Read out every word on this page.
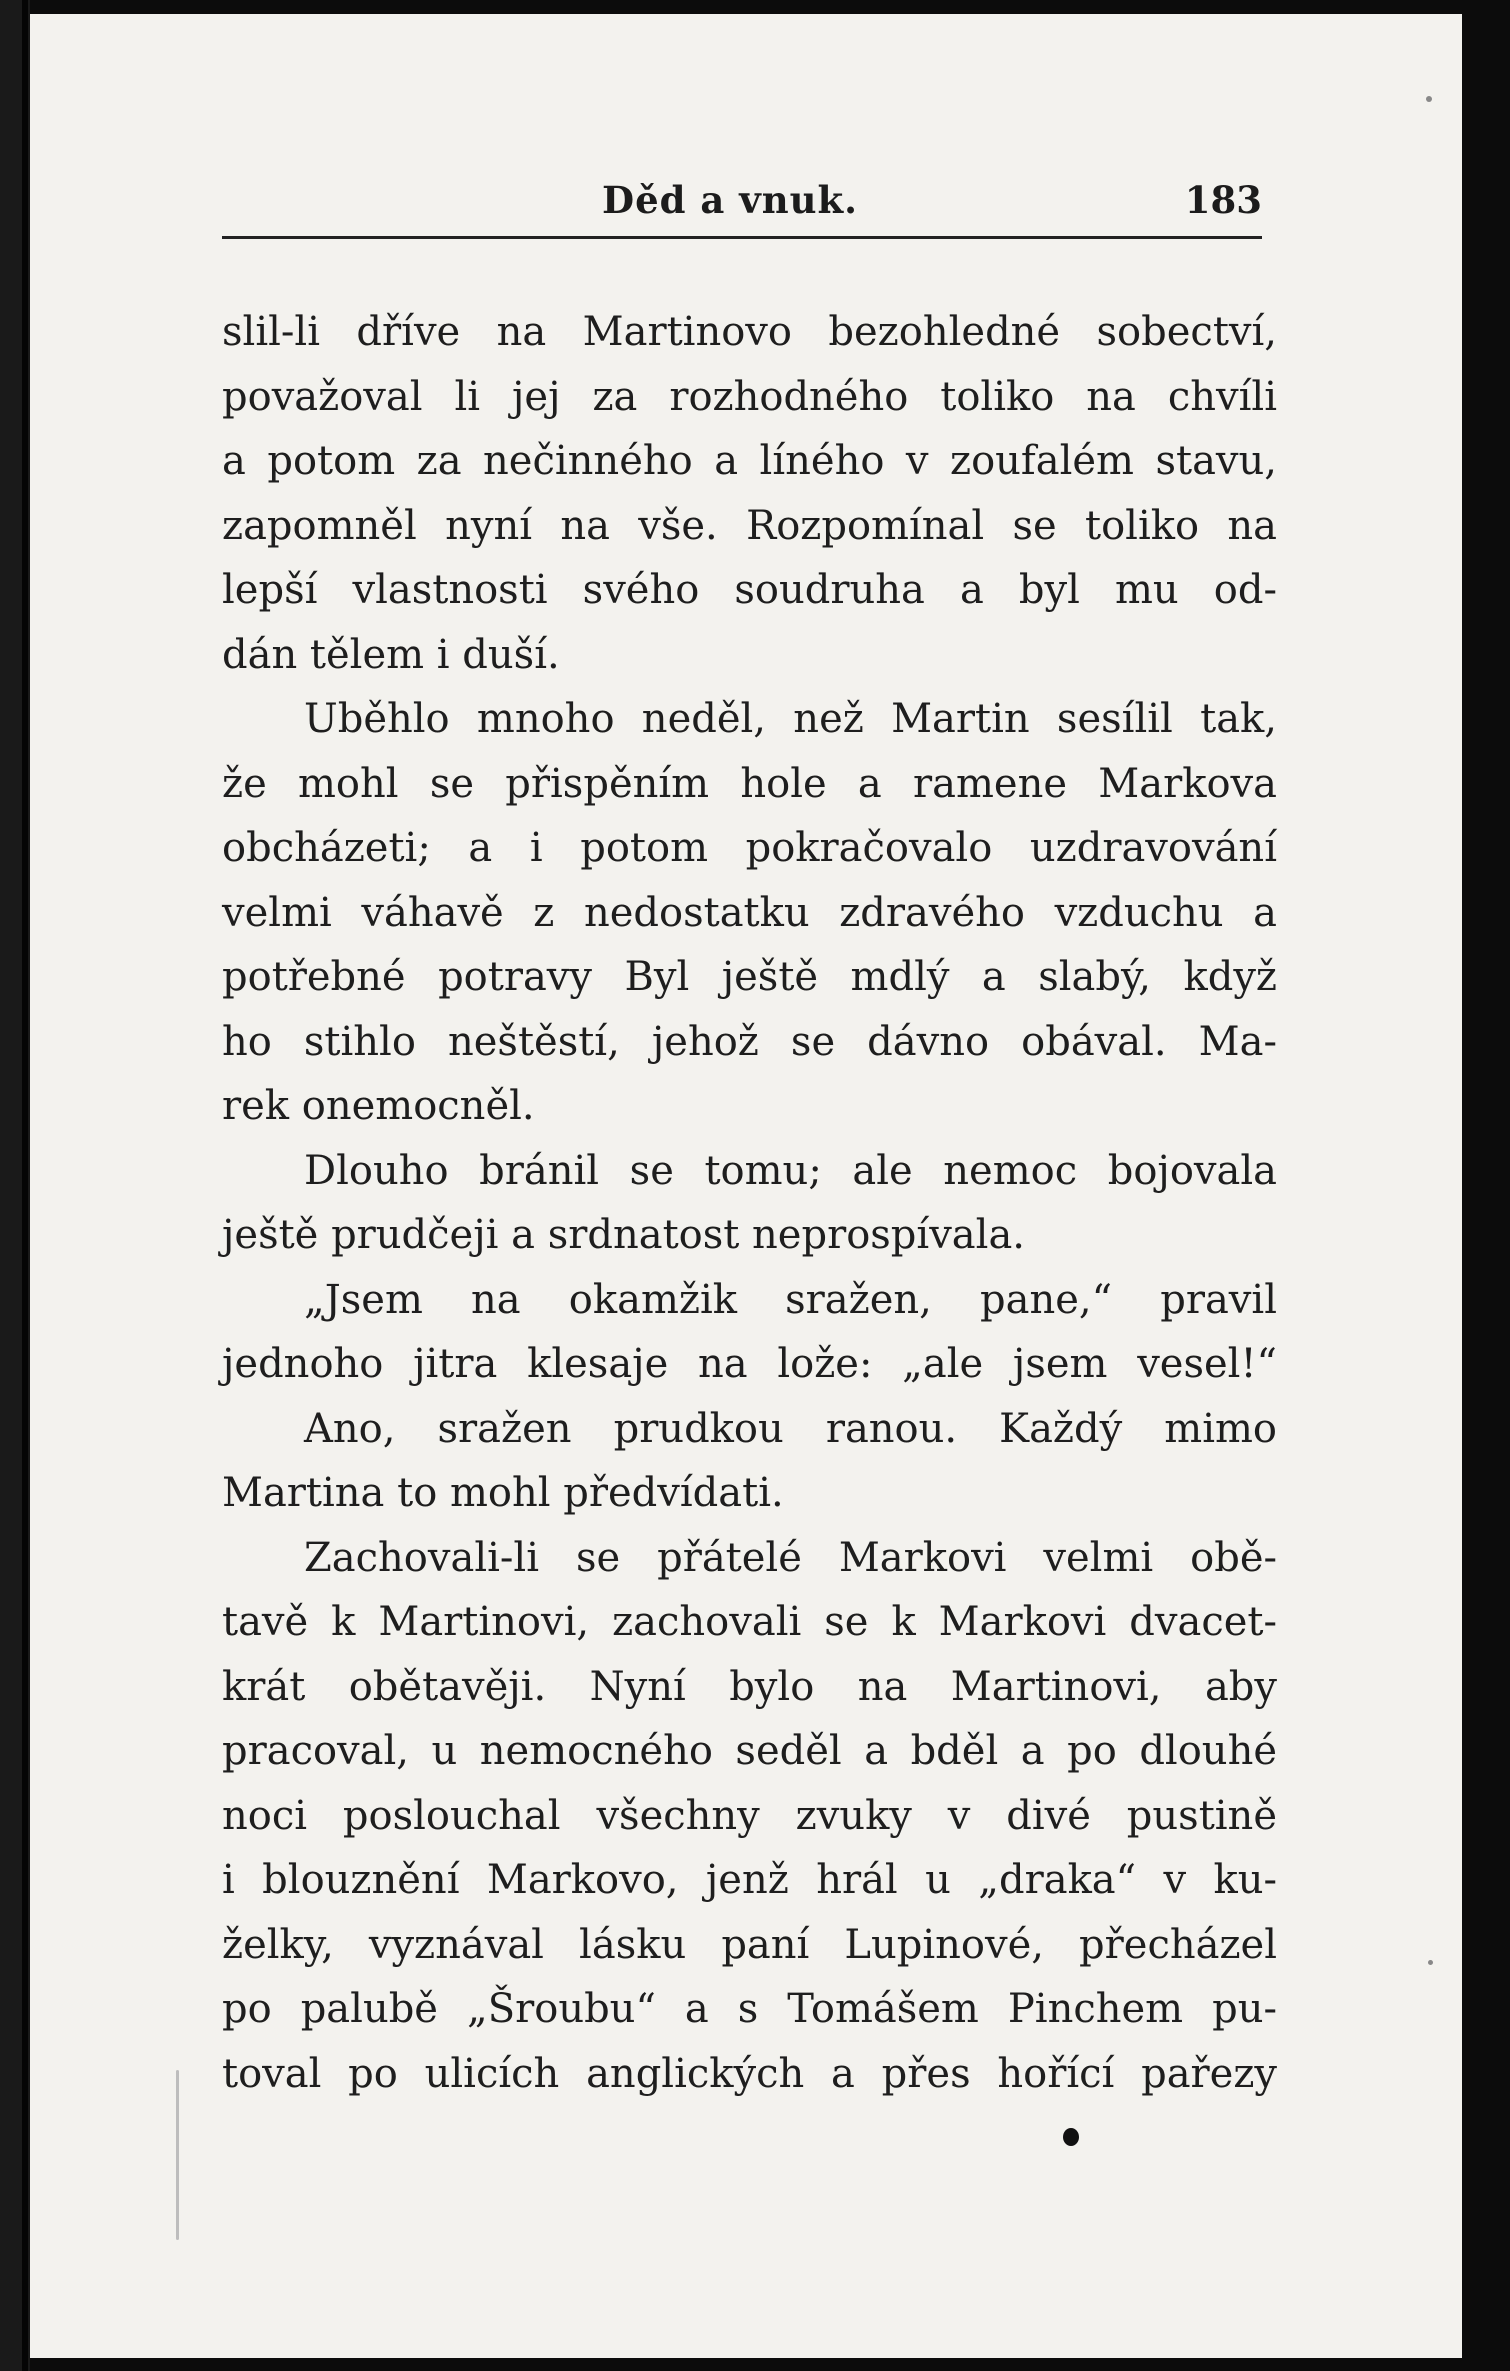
Děd a vnuk.	183
slil-li dříve na Martinovo bezohledné sobectví,
považoval li jej za rozhodného toliko na chvíli
a potom za nečinného a líného v zoufalém stavu,
zapomněl nyní na vše. Rozpomínal se toliko na
lepší vlastnosti svého soudruha a byl mu od-
dán tělem i duší.
Uběhlo mnoho neděl, než Martin sesílil tak,
že mohl se přispěním hole a ramene Markova
obcházeti; a i potom pokračovalo uzdravování
velmi váhavě z nedostatku zdravého vzduchu a
potřebné potravy Byl ještě mdlý a slabý, když
ho stihlo neštěstí, jehož se dávno obával. Ma-
rek onemocněl.
Dlouho bránil se tomu; ale nemoc bojovala
ještě prudčeji a srdnatost neprospívala.
„Jsem na okamžik sražen, pane,“ pravil
jednoho jitra klesaje na lože: „ale jsem vesel!“
Ano, sražen prudkou ranou. Každý mimo
Martina to mohl předvídati.
Zachovali-li se přátelé Markovi velmi obě-
tavě k Martinovi, zachovali se k Markovi dvacet-
krát obětavěji. Nyní bylo na Martinovi, aby
pracoval, u nemocného seděl a bděl a po dlouhé
noci poslouchal všechny zvuky v divé pustině
i blouznění Markovo, jenž hrál u „draka“ v ku-
želky, vyznával lásku paní Lupinové, přecházel
po palubě „Šroubu“ a s Tomášem Pinchem pu-
toval po ulicích anglických a přes hořící pařezy
